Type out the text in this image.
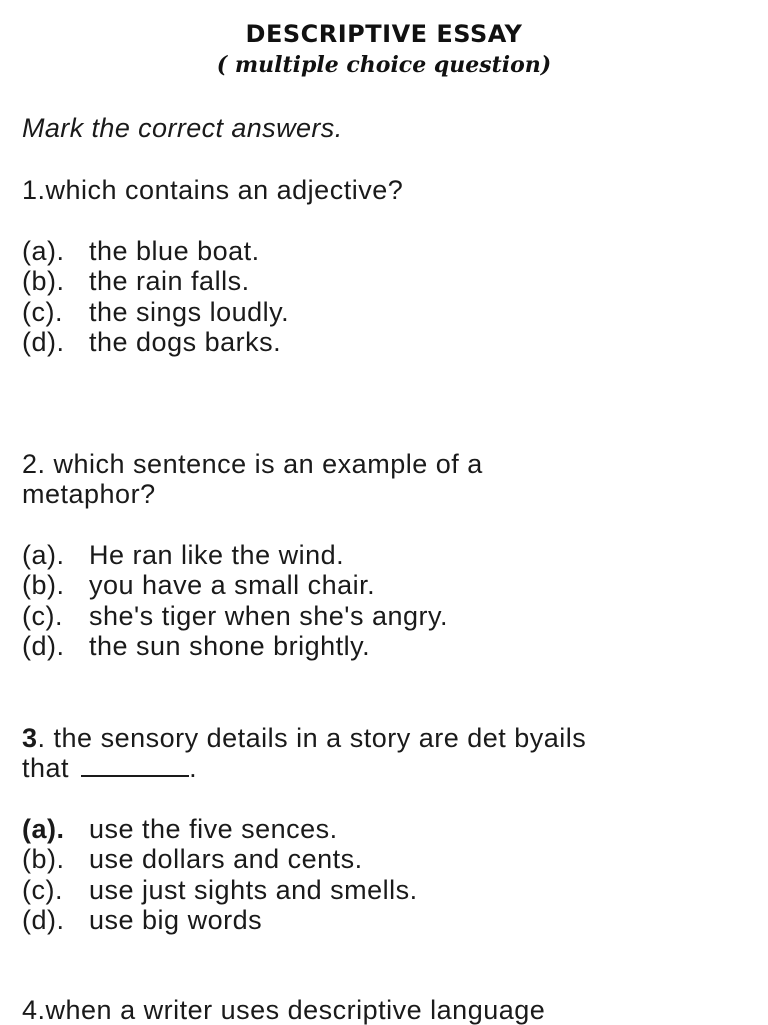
DESCRIPTIVE ESSAY
( multiple choice question)
Mark the correct answers.
1.which contains an adjective?
(a). the blue boat.
(b). the rain falls.
(c). the sings loudly.
(d). the dogs barks.
2. which sentence is an example of a
metaphor?
(a). He ran like the wind.
(b). you have a small chair.
(c). she's tiger when she's angry.
(d). the sun shone brightly.
3. the sensory details in a story are det byails
that	.
(a). use the five sences.
(b). use dollars and cents.
(c). use just sights and smells.
(d). use big words
4.when a writer uses descriptive language
